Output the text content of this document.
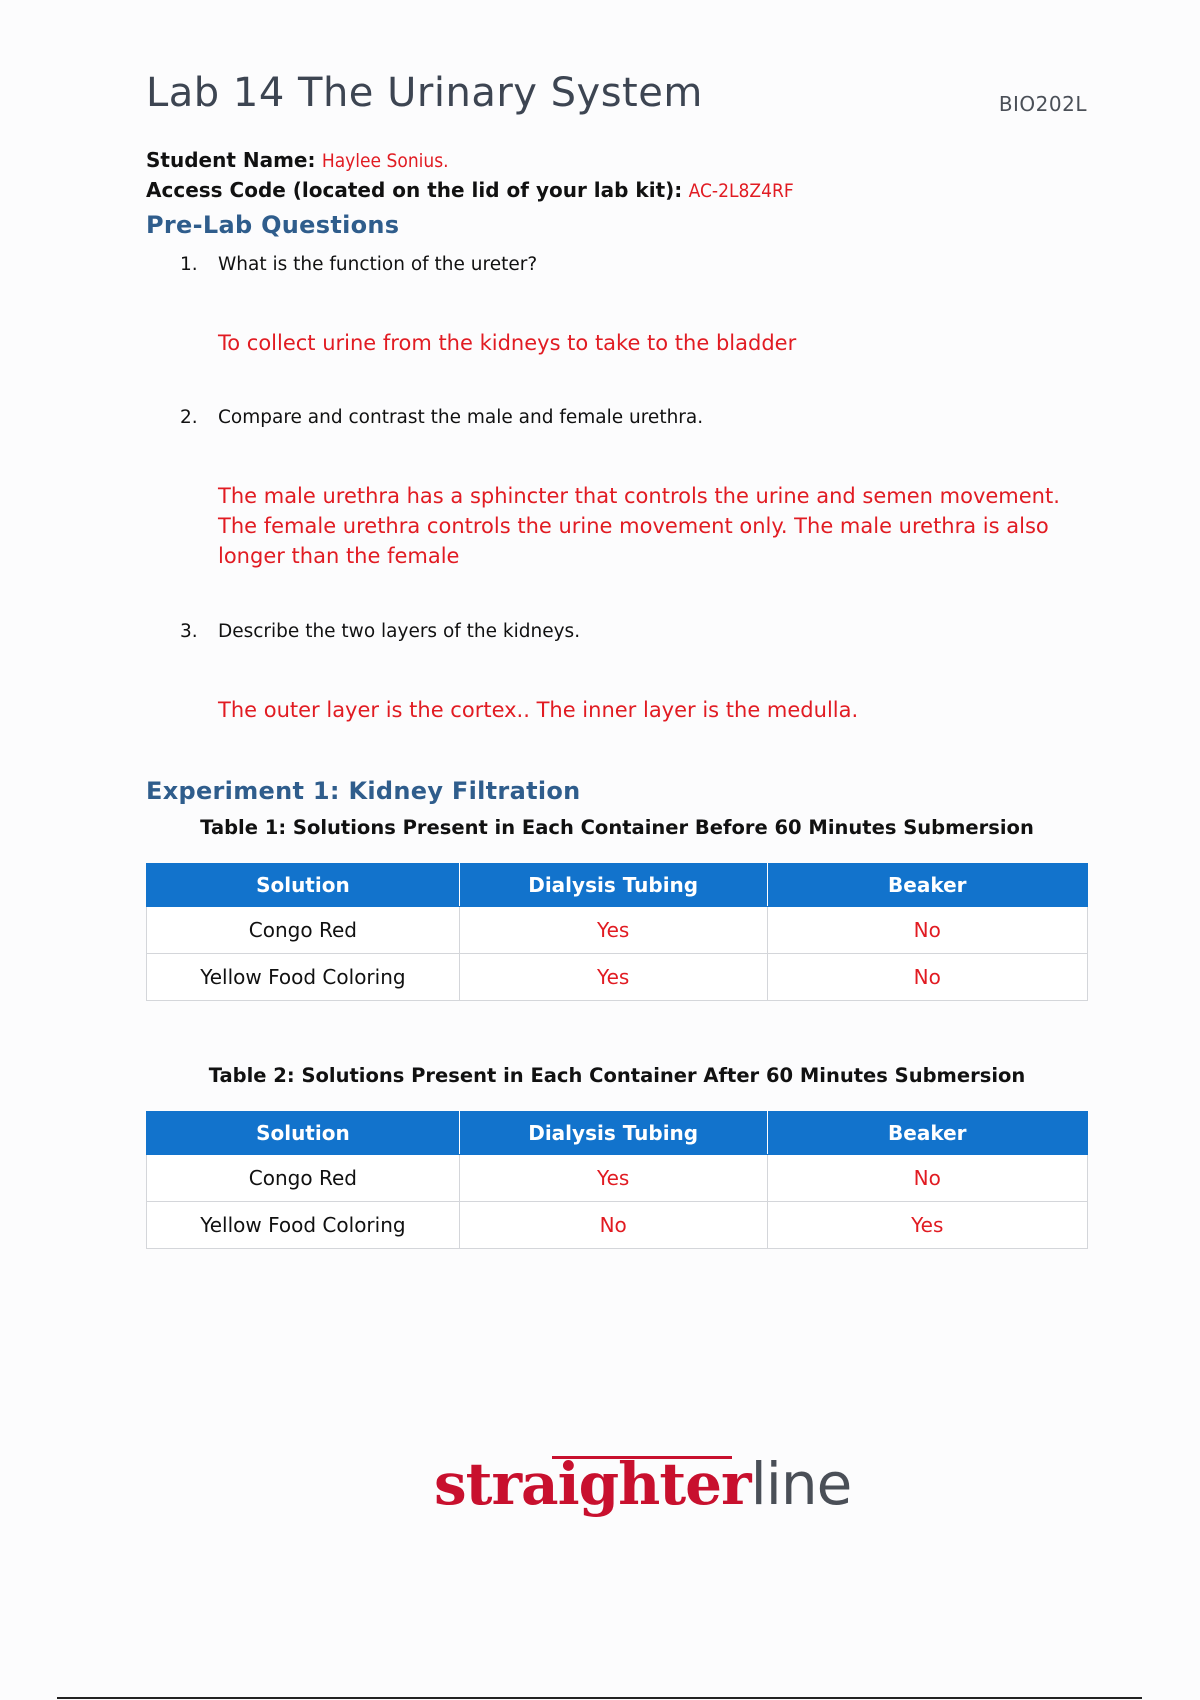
Lab 14 The Urinary System	BIO202L
Student Name: Haylee Sonius.
Access Code (located on the lid of your lab kit): AC-2L8Z4RF
Pre-Lab Questions
1. What is the function of the ureter?
To collect urine from the kidneys to take to the bladder
2. Compare and contrast the male and female urethra.
The male urethra has a sphincter that controls the urine and semen movement. The female urethra controls the urine movement only. The male urethra is also longer than the female
3. Describe the two layers of the kidneys.
The outer layer is the cortex.. The inner layer is the medulla.
Experiment 1: Kidney Filtration
Table 1: Solutions Present in Each Container Before 60 Minutes Submersion
Solution	Dialysis Tubing	Beaker
Congo Red	Yes	No
Yellow Food Coloring	Yes	No
Table 2: Solutions Present in Each Container After 60 Minutes Submersion
Solution	Dialysis Tubing	Beaker
Congo Red	Yes	No
Yellow Food Coloring	No	Yes
straighterline
